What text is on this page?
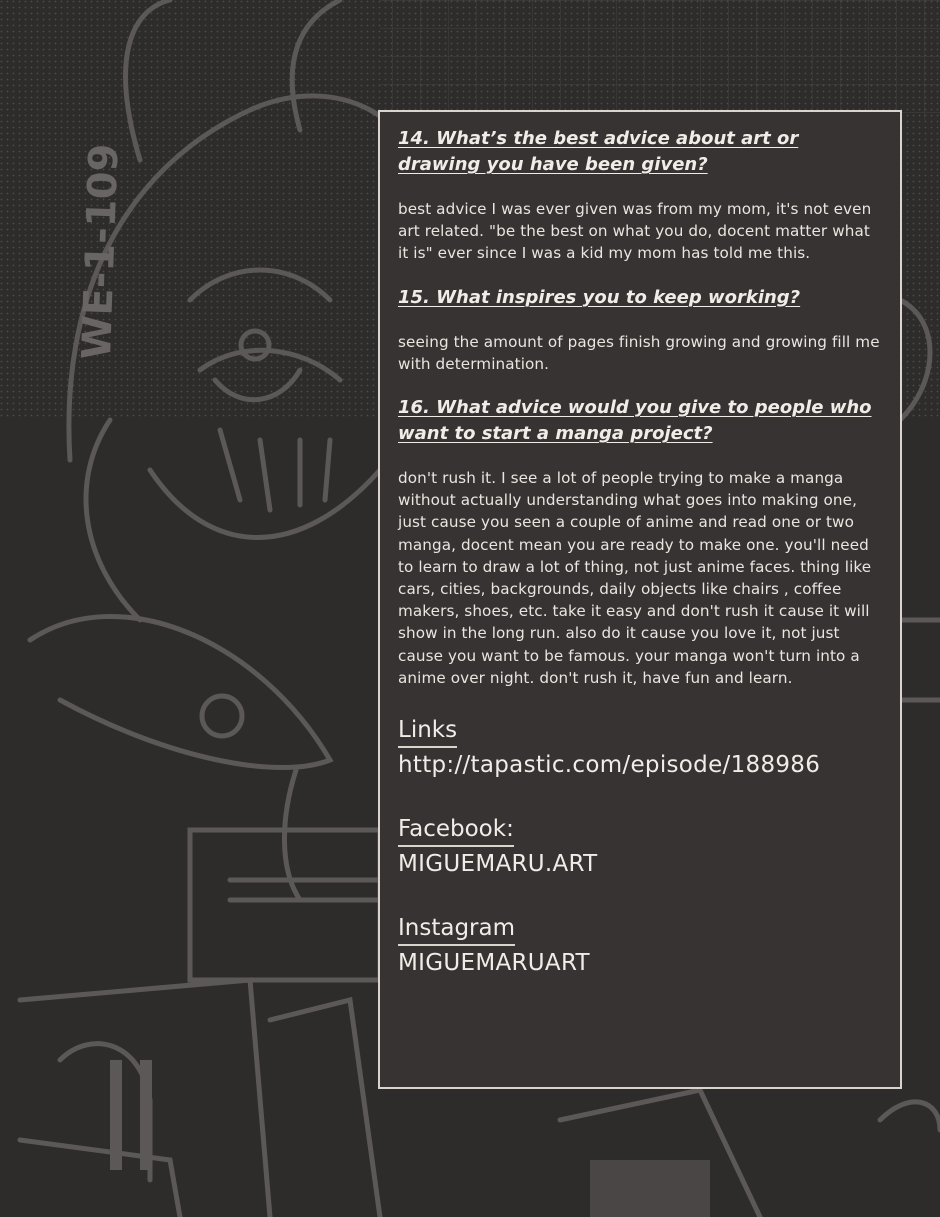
WE-1-109

14. What’s the best advice about art or drawing you have been given?

best advice I was ever given was from my mom, it's not even art related. "be the best on what you do, docent matter what it is" ever since I was a kid my mom has told me this.

15. What inspires you to keep working?

seeing the amount of pages finish growing and growing fill me with determination.

16. What advice would you give to people who want to start a manga project?

don't rush it. I see a lot of people trying to make a manga without actually understanding what goes into making one, just cause you seen a couple of anime and read one or two manga, docent mean you are ready to make one. you'll need to learn to draw a lot of thing, not just anime faces. thing like cars, cities, backgrounds, daily objects like chairs , coffee makers, shoes, etc. take it easy and don't rush it cause it will show in the long run. also do it cause you love it, not just cause you want to be famous. your manga won't turn into a anime over night. don't rush it, have fun and learn.

Links
http://tapastic.com/episode/188986
Facebook:
MIGUEMARU.ART
Instagram
MIGUEMARUART
